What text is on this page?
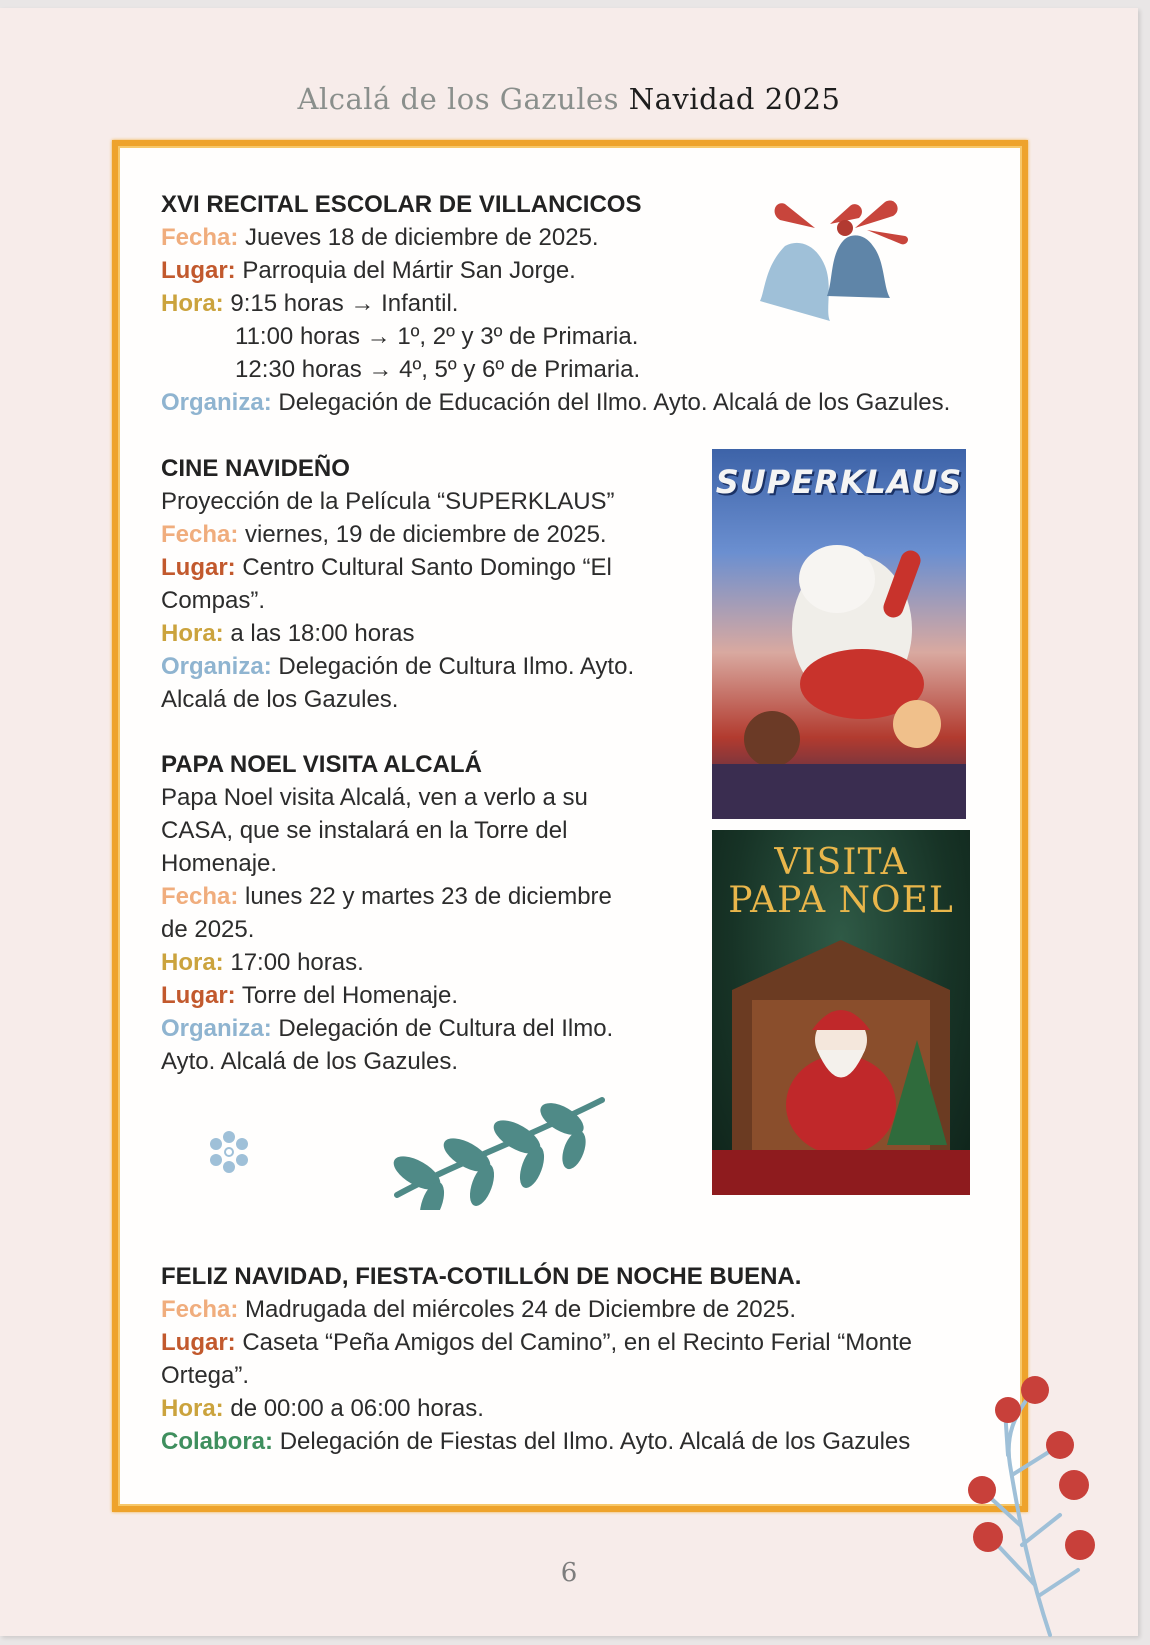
Alcalá de los Gazules Navidad 2025
XVI RECITAL ESCOLAR DE VILLANCICOS
Fecha: Jueves 18 de diciembre de 2025.
Lugar: Parroquia del Mártir San Jorge.
Hora: 9:15 horas → Infantil.
11:00 horas → 1º, 2º y 3º de Primaria.
12:30 horas → 4º, 5º y 6º de Primaria.
Organiza: Delegación de Educación del Ilmo. Ayto. Alcalá de los Gazules.
CINE NAVIDEÑO
Proyección de la Película “SUPERKLAUS”
Fecha: viernes, 19 de diciembre de 2025.
Lugar: Centro Cultural Santo Domingo “El
Compas”.
Hora: a las 18:00 horas
Organiza: Delegación de Cultura Ilmo. Ayto.
Alcalá de los Gazules.
PAPA NOEL VISITA ALCALÁ
Papa Noel visita Alcalá, ven a verlo a su
CASA, que se instalará en la Torre del
Homenaje.
Fecha: lunes 22 y martes 23 de diciembre
de 2025.
Hora: 17:00 horas.
Lugar: Torre del Homenaje.
Organiza: Delegación de Cultura del Ilmo.
Ayto. Alcalá de los Gazules.
FELIZ NAVIDAD, FIESTA-COTILLÓN DE NOCHE BUENA.
Fecha: Madrugada del miércoles 24 de Diciembre de 2025.
Lugar: Caseta “Peña Amigos del Camino”, en el Recinto Ferial “Monte
Ortega”.
Hora: de 00:00 a 06:00 horas.
Colabora: Delegación de Fiestas del Ilmo. Ayto. Alcalá de los Gazules
SUPERKLAUS
VISITA
PAPA NOEL
6
